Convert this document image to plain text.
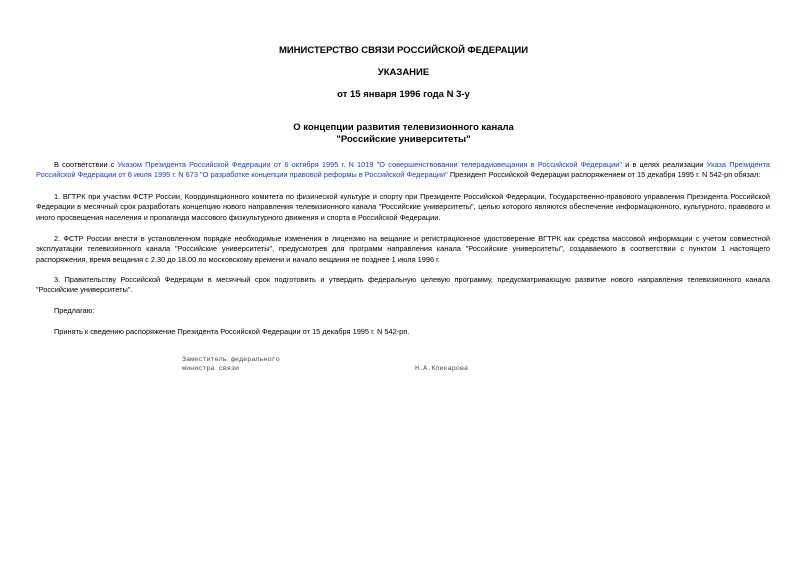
МИНИСТЕРСТВО СВЯЗИ РОССИЙСКОЙ ФЕДЕРАЦИИ
УКАЗАНИЕ
от 15 января 1996 года N 3-у
О концепции развития телевизионного канала
"Российские университеты"
В соответствии с Указом Президента Российской Федерации от 6 октября 1995 г. N 1019 "О совершенствовании телерадиовещания в Российской Федерации" и в целях реализации Указа Президента Российской Федерации от 6 июля 1995 г. N 673 "О разработке концепции правовой реформы в Российской Федерации" Президент Российской Федерации распоряжением от 15 декабря 1995 г. N 542-рп обязал:
1. ВГТРК при участии ФСТР России, Координационного комитета по физической культуре и спорту при Президенте Российской Федерации, Государственно-правового управления Президента Российской Федерации в месячный срок разработать концепцию нового направления телевизионного канала "Российские университеты", целью которого являются обеспечение информационного, культурного, правового и иного просвещения населения и пропаганда массового физкультурного движения и спорта в Российской Федерации.
2. ФСТР России внести в установленном порядке необходимые изменения в лицензию на вещание и регистрационное удостоверение ВГТРК как средства массовой информации с учетом совместной эксплуатации телевизионного канала "Российские университеты", предусмотрев для программ направления канала "Российские университеты", создаваемого в соответствии с пунктом 1 настоящего распоряжения, время вещания с 2.30 до 18.00 по московскому времени и начало вещания не позднее 1 июля 1996 г.
3. Правительству Российской Федерации в месячный срок подготовить и утвердить федеральную целевую программу, предусматривающую развитие нового направления телевизионного канала "Российские университеты".
Предлагаю:
Принять к сведению распоряжение Президента Российской Федерации от 15 декабря 1995 г. N 542-рп.
Заместитель федерального
министра связи	Н.А.Кликарова
